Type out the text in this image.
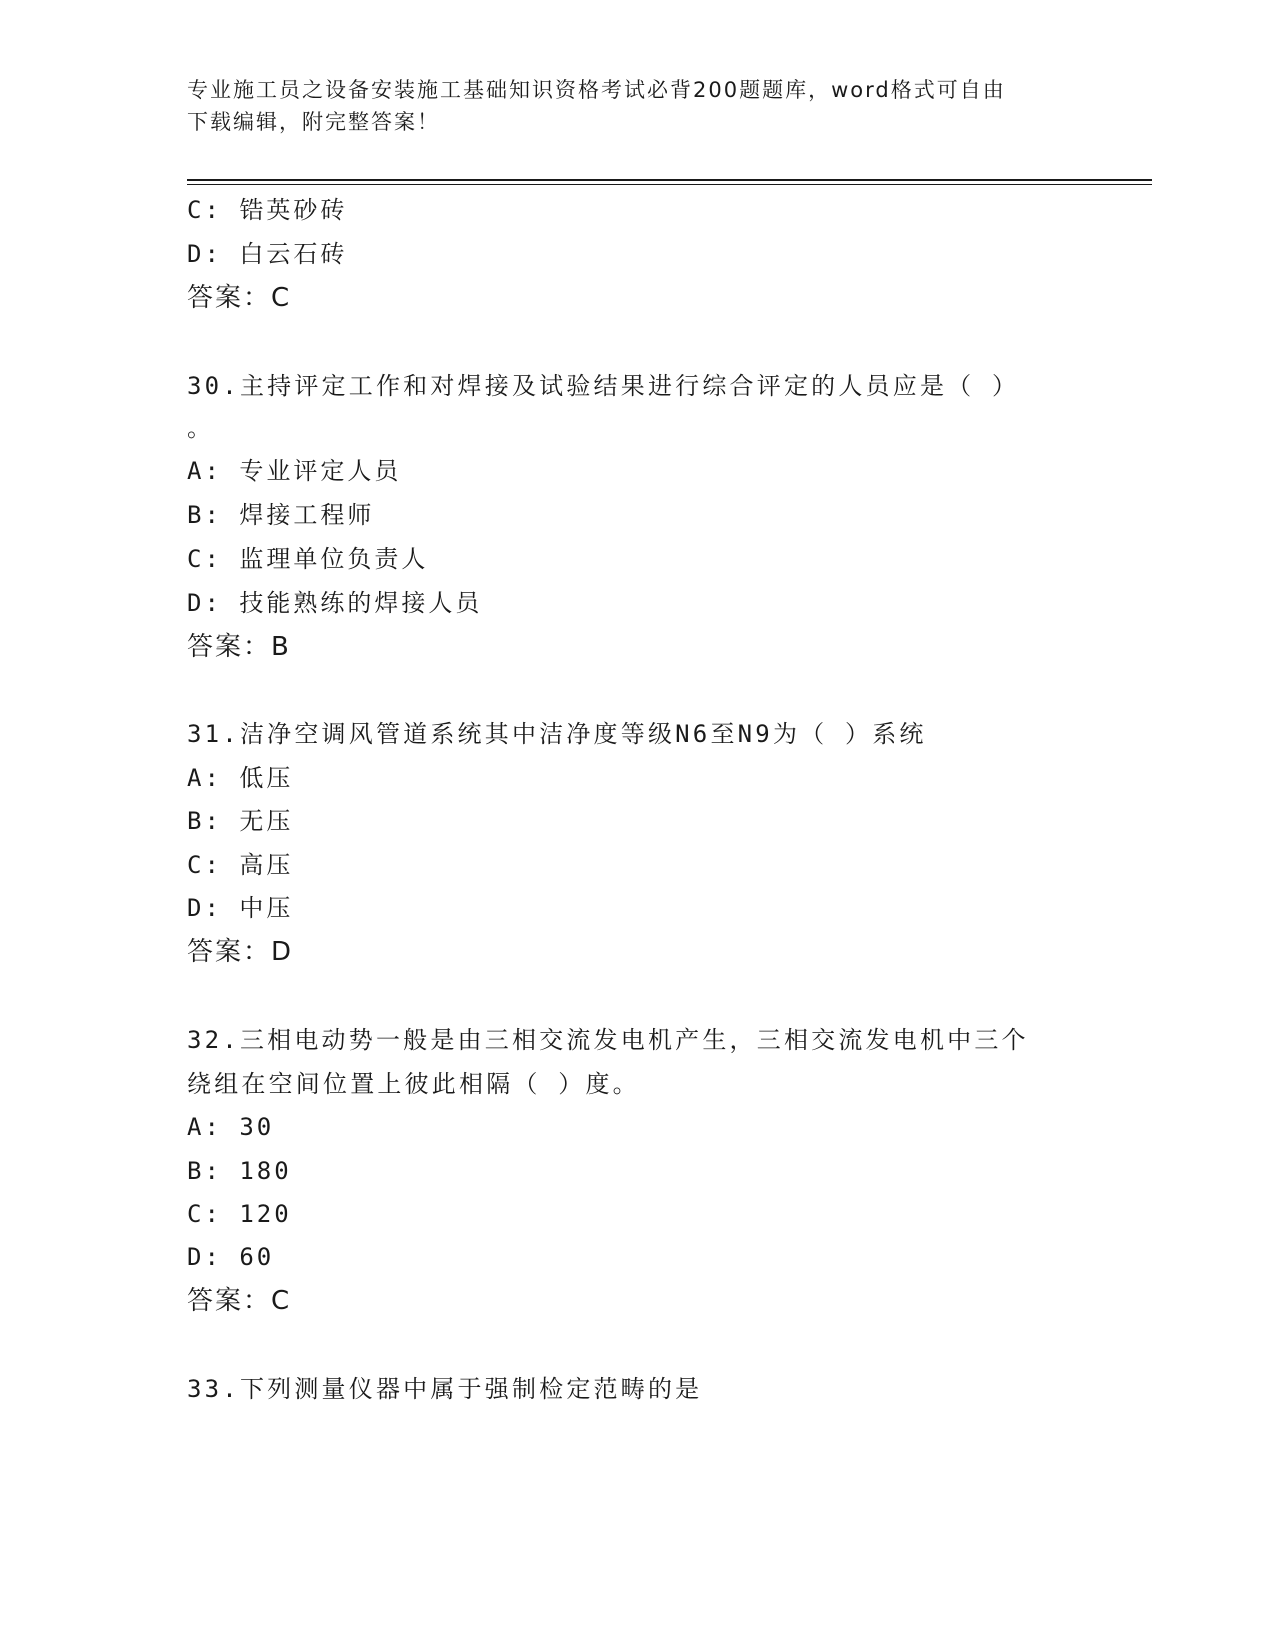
专业施工员之设备安装施工基础知识资格考试必背200题题库，word格式可自由
下载编辑，附完整答案！
C: 锆英砂砖
D: 白云石砖
答案：C
30.主持评定工作和对焊接及试验结果进行综合评定的人员应是（ ）
。
A: 专业评定人员
B: 焊接工程师
C: 监理单位负责人
D: 技能熟练的焊接人员
答案：B
31.洁净空调风管道系统其中洁净度等级N6至N9为（ ）系统
A: 低压
B: 无压
C: 高压
D: 中压
答案：D
32.三相电动势一般是由三相交流发电机产生，三相交流发电机中三个
绕组在空间位置上彼此相隔（ ）度。
A: 30
B: 180
C: 120
D: 60
答案：C
33.下列测量仪器中属于强制检定范畴的是
